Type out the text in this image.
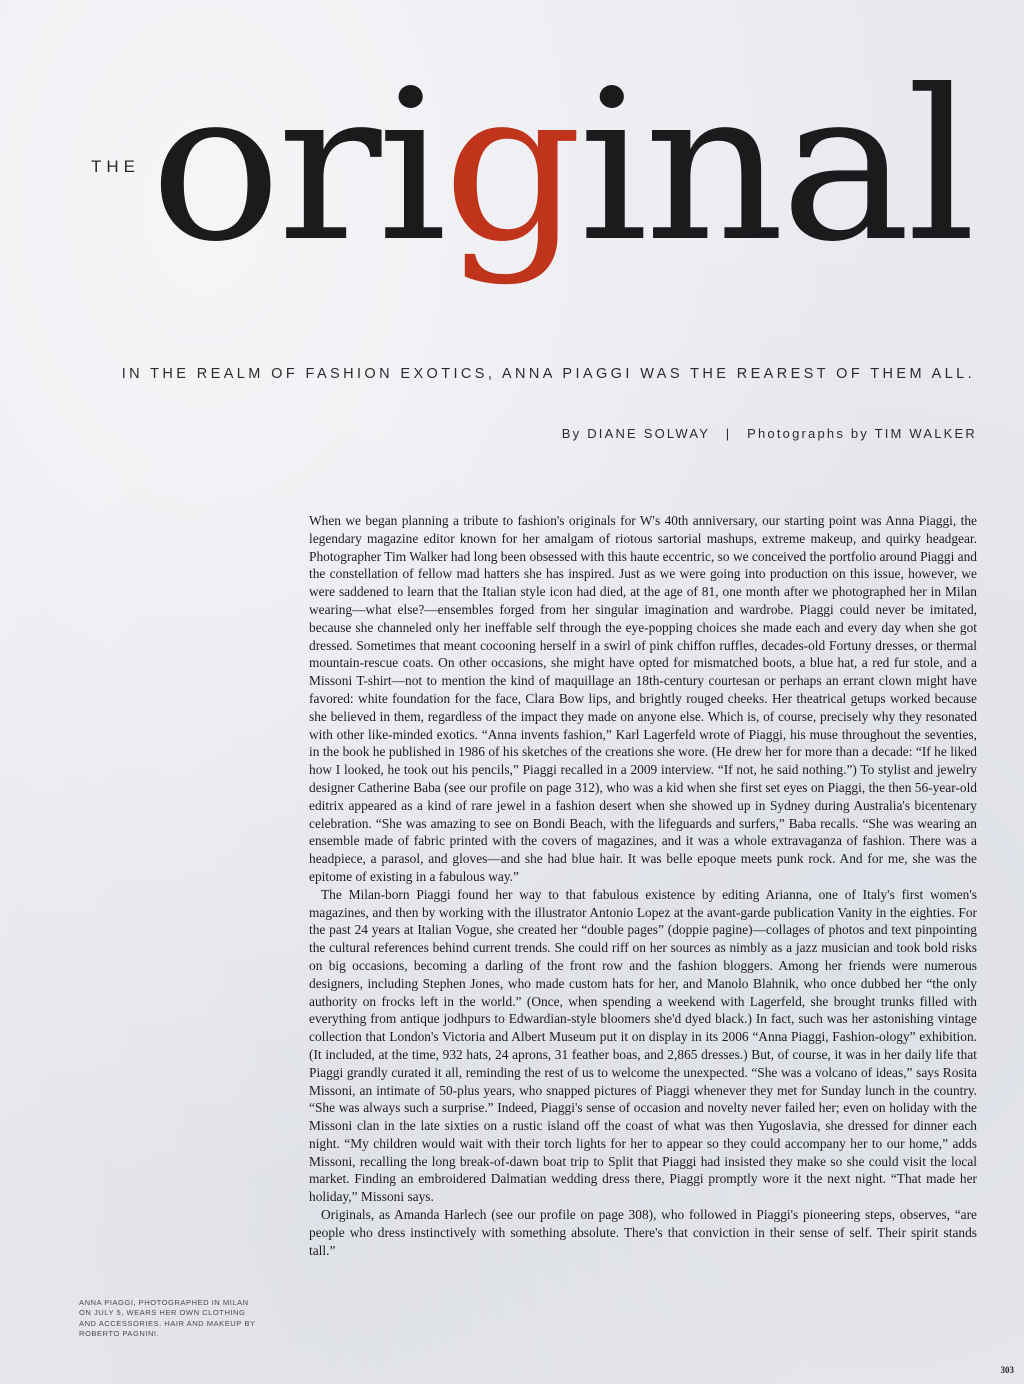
THE original
IN THE REALM OF FASHION EXOTICS, ANNA PIAGGI WAS THE REAREST OF THEM ALL.
By DIANE SOLWAY | Photographs by TIM WALKER

When we began planning a tribute to fashion's originals for W's 40th anniversary, our starting point was Anna Piaggi, the legendary magazine editor known for her amalgam of riotous sartorial mashups, extreme makeup, and quirky headgear. Photographer Tim Walker had long been obsessed with this haute eccentric, so we conceived the portfolio around Piaggi and the constellation of fellow mad hatters she has inspired. Just as we were going into production on this issue, however, we were saddened to learn that the Italian style icon had died, at the age of 81, one month after we photographed her in Milan wearing—what else?—ensembles forged from her singular imagination and wardrobe. Piaggi could never be imitated, because she channeled only her ineffable self through the eye-popping choices she made each and every day when she got dressed. Sometimes that meant cocooning herself in a swirl of pink chiffon ruffles, decades-old Fortuny dresses, or thermal mountain-rescue coats. On other occasions, she might have opted for mismatched boots, a blue hat, a red fur stole, and a Missoni T-shirt—not to mention the kind of maquillage an 18th-century courtesan or perhaps an errant clown might have favored: white foundation for the face, Clara Bow lips, and brightly rouged cheeks. Her theatrical getups worked because she believed in them, regardless of the impact they made on anyone else. Which is, of course, precisely why they resonated with other like-minded exotics. “Anna invents fashion,” Karl Lagerfeld wrote of Piaggi, his muse throughout the seventies, in the book he published in 1986 of his sketches of the creations she wore. (He drew her for more than a decade: “If he liked how I looked, he took out his pencils,” Piaggi recalled in a 2009 interview. “If not, he said nothing.”) To stylist and jewelry designer Catherine Baba (see our profile on page 312), who was a kid when she first set eyes on Piaggi, the then 56-year-old editrix appeared as a kind of rare jewel in a fashion desert when she showed up in Sydney during Australia's bicentenary celebration. “She was amazing to see on Bondi Beach, with the lifeguards and surfers,” Baba recalls. “She was wearing an ensemble made of fabric printed with the covers of magazines, and it was a whole extravaganza of fashion. There was a headpiece, a parasol, and gloves—and she had blue hair. It was belle epoque meets punk rock. And for me, she was the epitome of existing in a fabulous way.”

The Milan-born Piaggi found her way to that fabulous existence by editing Arianna, one of Italy's first women's magazines, and then by working with the illustrator Antonio Lopez at the avant-garde publication Vanity in the eighties. For the past 24 years at Italian Vogue, she created her “double pages” (doppie pagine)—collages of photos and text pinpointing the cultural references behind current trends. She could riff on her sources as nimbly as a jazz musician and took bold risks on big occasions, becoming a darling of the front row and the fashion bloggers. Among her friends were numerous designers, including Stephen Jones, who made custom hats for her, and Manolo Blahnik, who once dubbed her “the only authority on frocks left in the world.” (Once, when spending a weekend with Lagerfeld, she brought trunks filled with everything from antique jodhpurs to Edwardian-style bloomers she'd dyed black.) In fact, such was her astonishing vintage collection that London's Victoria and Albert Museum put it on display in its 2006 “Anna Piaggi, Fashion-ology” exhibition. (It included, at the time, 932 hats, 24 aprons, 31 feather boas, and 2,865 dresses.) But, of course, it was in her daily life that Piaggi grandly curated it all, reminding the rest of us to welcome the unexpected. “She was a volcano of ideas,” says Rosita Missoni, an intimate of 50-plus years, who snapped pictures of Piaggi whenever they met for Sunday lunch in the country. “She was always such a surprise.” Indeed, Piaggi's sense of occasion and novelty never failed her; even on holiday with the Missoni clan in the late sixties on a rustic island off the coast of what was then Yugoslavia, she dressed for dinner each night. “My children would wait with their torch lights for her to appear so they could accompany her to our home,” adds Missoni, recalling the long break-of-dawn boat trip to Split that Piaggi had insisted they make so she could visit the local market. Finding an embroidered Dalmatian wedding dress there, Piaggi promptly wore it the next night. “That made her holiday,” Missoni says.

Originals, as Amanda Harlech (see our profile on page 308), who followed in Piaggi's pioneering steps, observes, “are people who dress instinctively with something absolute. There's that conviction in their sense of self. Their spirit stands tall.”

ANNA PIAGGI, PHOTOGRAPHED IN MILAN ON JULY 5, WEARS HER OWN CLOTHING AND ACCESSORIES. HAIR AND MAKEUP BY ROBERTO PAGNINI.
303
